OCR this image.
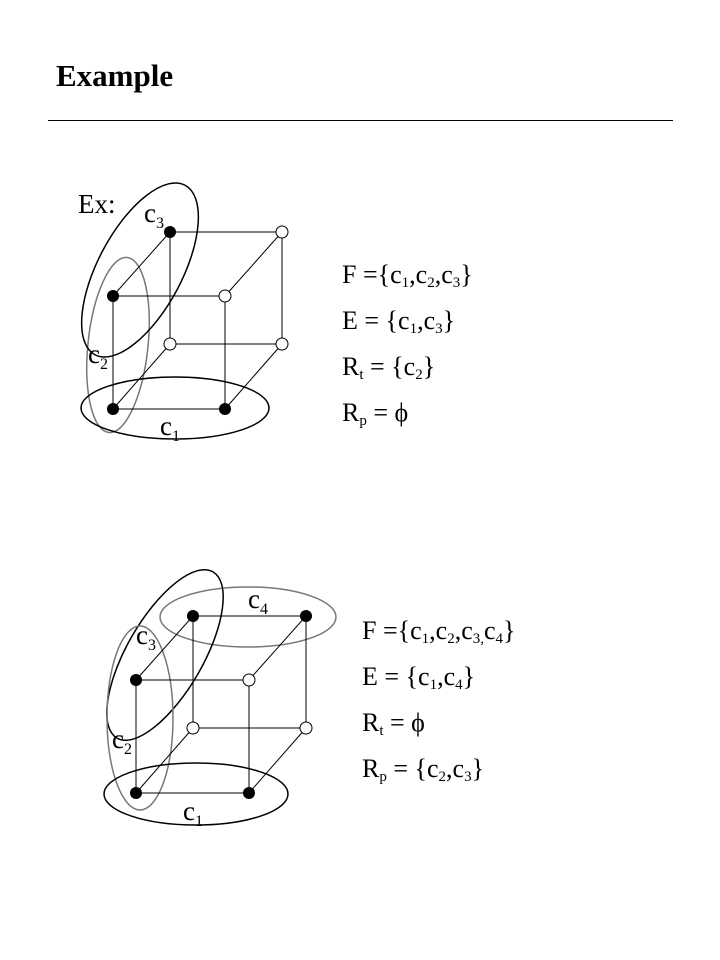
Example
Ex: $c_3$
$c_2$
$c_1$
$c_4$
$c_3$
$c_2$
$c_1$
$F =\{c_1,c_2,c_3\}$
$E = \{c_1,c_3\}$
$R_t = \{c_2\}$
$R_p = \phi$
$F =\{c_1,c_2,c_{3,}c_4\}$
$E = \{c_1,c_4\}$
$R_t = \phi$
$R_p = \{c_2,c_3\}$
